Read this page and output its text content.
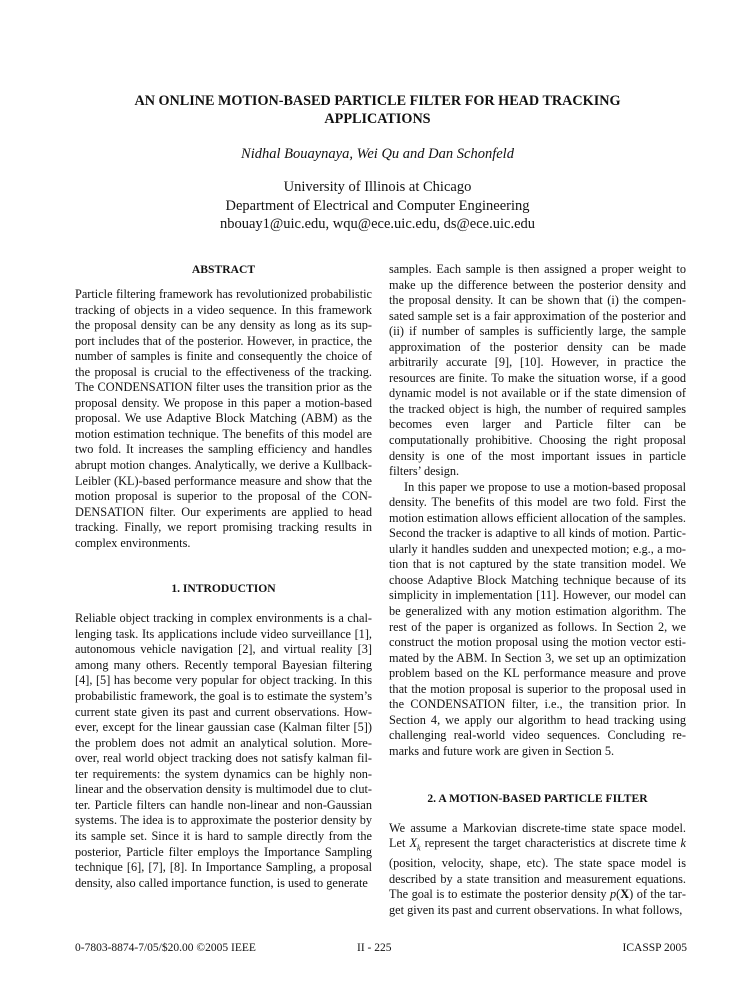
AN ONLINE MOTION-BASED PARTICLE FILTER FOR HEAD TRACKING
APPLICATIONS
Nidhal Bouaynaya, Wei Qu and Dan Schonfeld
University of Illinois at Chicago
Department of Electrical and Computer Engineering
nbouay1@uic.edu, wqu@ece.uic.edu, ds@ece.uic.edu
ABSTRACT

Particle filtering framework has revolutionized probabilistic tracking of objects in a video sequence. In this framework the proposal density can be any density as long as its support includes that of the posterior. However, in practice, the number of samples is finite and consequently the choice of the proposal is crucial to the effectiveness of the tracking. The CONDENSATION filter uses the transition prior as the proposal density. We propose in this paper a motion-based proposal. We use Adaptive Block Matching (ABM) as the motion estimation technique. The benefits of this model are two fold. It increases the sampling efficiency and handles abrupt motion changes. Analytically, we derive a Kullback-Leibler (KL)-based performance measure and show that the motion proposal is superior to the proposal of the CONDENSATION filter. Our experiments are applied to head tracking. Finally, we report promising tracking results in complex environments.

1. INTRODUCTION

Reliable object tracking in complex environments is a challenging task. Its applications include video surveillance [1], autonomous vehicle navigation [2], and virtual reality [3] among many others. Recently temporal Bayesian filtering [4], [5] has become very popular for object tracking. In this probabilistic framework, the goal is to estimate the system’s current state given its past and current observations. However, except for the linear gaussian case (Kalman filter [5]) the problem does not admit an analytical solution. Moreover, real world object tracking does not satisfy kalman filter requirements: the system dynamics can be highly nonlinear and the observation density is multimodel due to clutter. Particle filters can handle non-linear and non-Gaussian systems. The idea is to approximate the posterior density by its sample set. Since it is hard to sample directly from the posterior, Particle filter employs the Importance Sampling technique [6], [7], [8]. In Importance Sampling, a proposal density, also called importance function, is used to generate

samples. Each sample is then assigned a proper weight to make up the difference between the posterior density and the proposal density. It can be shown that (i) the compensated sample set is a fair approximation of the posterior and (ii) if number of samples is sufficiently large, the sample approximation of the posterior density can be made arbitrarily accurate [9], [10]. However, in practice the resources are finite. To make the situation worse, if a good dynamic model is not available or if the state dimension of the tracked object is high, the number of required samples becomes even larger and Particle filter can be computationally prohibitive. Choosing the right proposal density is one of the most important issues in particle filters’ design.

In this paper we propose to use a motion-based proposal density. The benefits of this model are two fold. First the motion estimation allows efficient allocation of the samples. Second the tracker is adaptive to all kinds of motion. Particularly it handles sudden and unexpected motion; e.g., a motion that is not captured by the state transition model. We choose Adaptive Block Matching technique because of its simplicity in implementation [11]. However, our model can be generalized with any motion estimation algorithm. The rest of the paper is organized as follows. In Section 2, we construct the motion proposal using the motion vector estimated by the ABM. In Section 3, we set up an optimization problem based on the KL performance measure and prove that the motion proposal is superior to the proposal used in the CONDENSATION filter, i.e., the transition prior. In Section 4, we apply our algorithm to head tracking using challenging real-world video sequences. Concluding remarks and future work are given in Section 5.

2. A MOTION-BASED PARTICLE FILTER

We assume a Markovian discrete-time state space model. Let $X_k$ represent the target characteristics at discrete time k (position, velocity, shape, etc). The state space model is described by a state transition and measurement equations. The goal is to estimate the posterior density p(X) of the target given its past and current observations. In what follows,

0-7803-8874-7/05/$20.00 ©2005 IEEE	II - 225	ICASSP 2005
